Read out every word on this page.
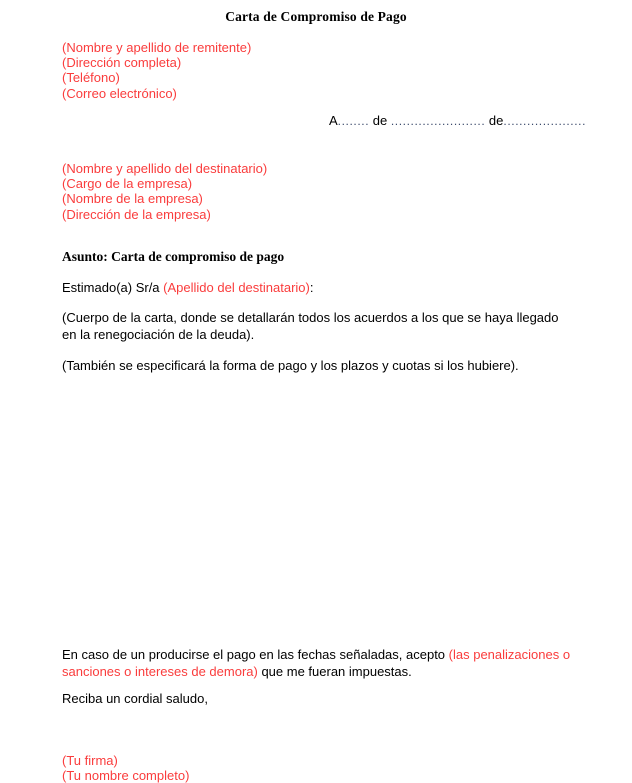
Carta de Compromiso de Pago
(Nombre y apellido de remitente)
(Dirección completa)
(Teléfono)
(Correo electrónico)
A........ de ........................ de.....................
(Nombre y apellido del destinatario)
(Cargo de la empresa)
(Nombre de la empresa)
(Dirección de la empresa)
Asunto: Carta de compromiso de pago
Estimado(a) Sr/a (Apellido del destinatario):
(Cuerpo de la carta, donde se detallarán todos los acuerdos a los que se haya llegado en la renegociación de la deuda).
(También se especificará la forma de pago y los plazos y cuotas si los hubiere).
En caso de un producirse el pago en las fechas señaladas, acepto (las penalizaciones o sanciones o intereses de demora) que me fueran impuestas.
Reciba un cordial saludo,
(Tu firma)
(Tu nombre completo)
